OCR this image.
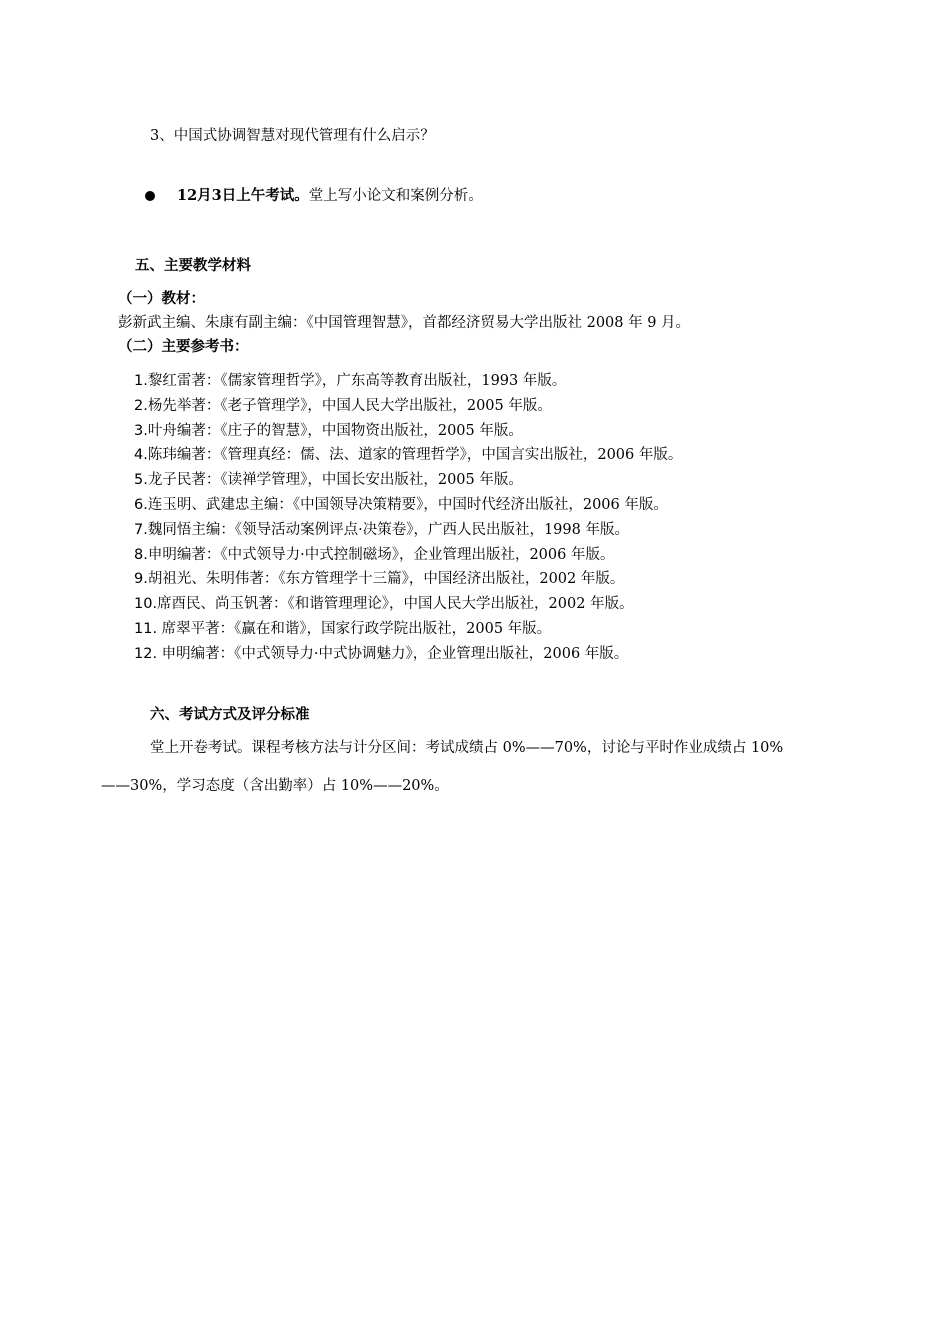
3、中国式协调智慧对现代管理有什么启示？
12月3日上午考试。堂上写小论文和案例分析。
五、主要教学材料
（一）教材：
彭新武主编、朱康有副主编：《中国管理智慧》，首都经济贸易大学出版社 2008 年 9 月。
（二）主要参考书：
1.黎红雷著：《儒家管理哲学》，广东高等教育出版社，1993 年版。
2.杨先举著：《老子管理学》，中国人民大学出版社，2005 年版。
3.叶舟编著：《庄子的智慧》，中国物资出版社，2005 年版。
4.陈玮编著：《管理真经：儒、法、道家的管理哲学》，中国言实出版社，2006 年版。
5.龙子民著：《读禅学管理》，中国长安出版社，2005 年版。
6.连玉明、武建忠主编：《中国领导决策精要》，中国时代经济出版社，2006 年版。
7.魏同悟主编：《领导活动案例评点·决策卷》，广西人民出版社，1998 年版。
8.申明编著：《中式领导力·中式控制磁场》，企业管理出版社，2006 年版。
9.胡祖光、朱明伟著：《东方管理学十三篇》，中国经济出版社，2002 年版。
10.席酉民、尚玉钒著：《和谐管理理论》，中国人民大学出版社，2002 年版。
11. 席翠平著：《赢在和谐》，国家行政学院出版社，2005 年版。
12. 申明编著：《中式领导力·中式协调魅力》，企业管理出版社，2006 年版。
六、考试方式及评分标准
堂上开卷考试。课程考核方法与计分区间：考试成绩占 0%——70%，讨论与平时作业成绩占 10%
——30%，学习态度（含出勤率）占 10%——20%。
